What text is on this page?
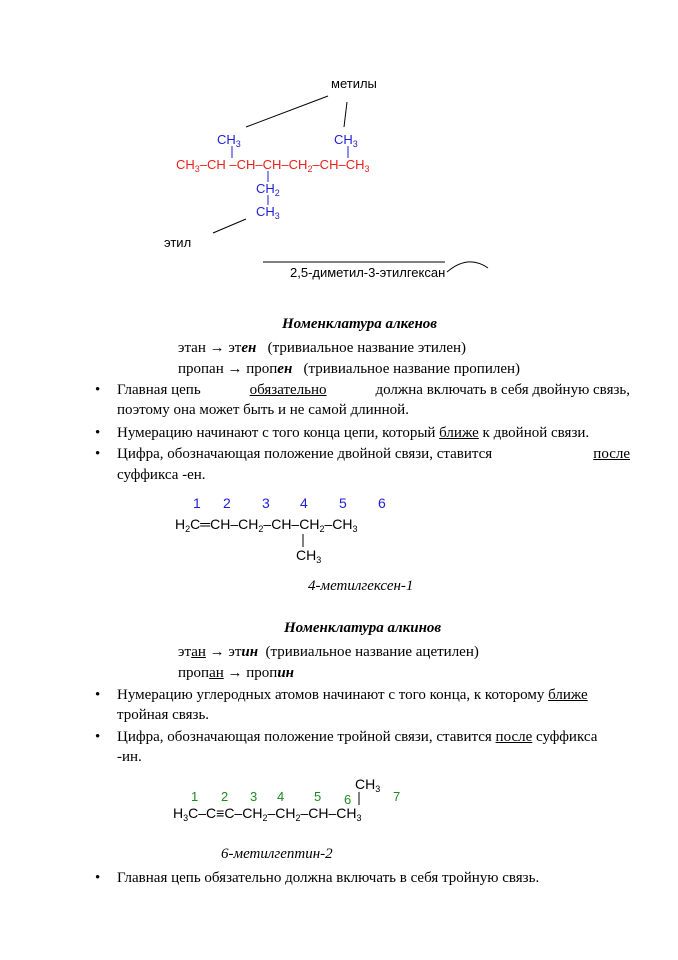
метилы
$CH_3$	$CH_3$
$CH_3-CH$ $-CH-CH-CH_2-CH-CH_3$
$CH_2$
$CH_3$
этил
2,5-диметил-3-этилгексан
Номенклатура алкенов
этан → этен (тривиальное название этилен)
пропан → пропен (тривиальное название пропилен)
• Главная цепь	обязательно	должна включать в себя двойную связь,
поэтому она может быть и не самой длинной.
• Нумерацию начинают с того конца цепи, который ближе к двойной связи.
• Цифра, обозначающая положение двойной связи, ставится	после
суффикса -ен.
1 2 3 4 5 6
$H_2C═CH-CH_2-CH-CH_2-CH_3$
$CH_3$
4-метилгексен-1
Номенклатура алкинов
этан → этин (тривиальное название ацетилен)
пропан → пропин
• Нумерацию углеродных атомов начинают с того конца, к которому ближе
тройная связь.
• Цифра, обозначающая положение тройной связи, ставится после суффикса
-ин.
$CH_3$
1 2 3 4 5 6	7
$H_3C-C\equiv C-CH_2-CH_2-CH-CH_3$
6-метилгептин-2
• Главная цепь обязательно должна включать в себя тройную связь.
